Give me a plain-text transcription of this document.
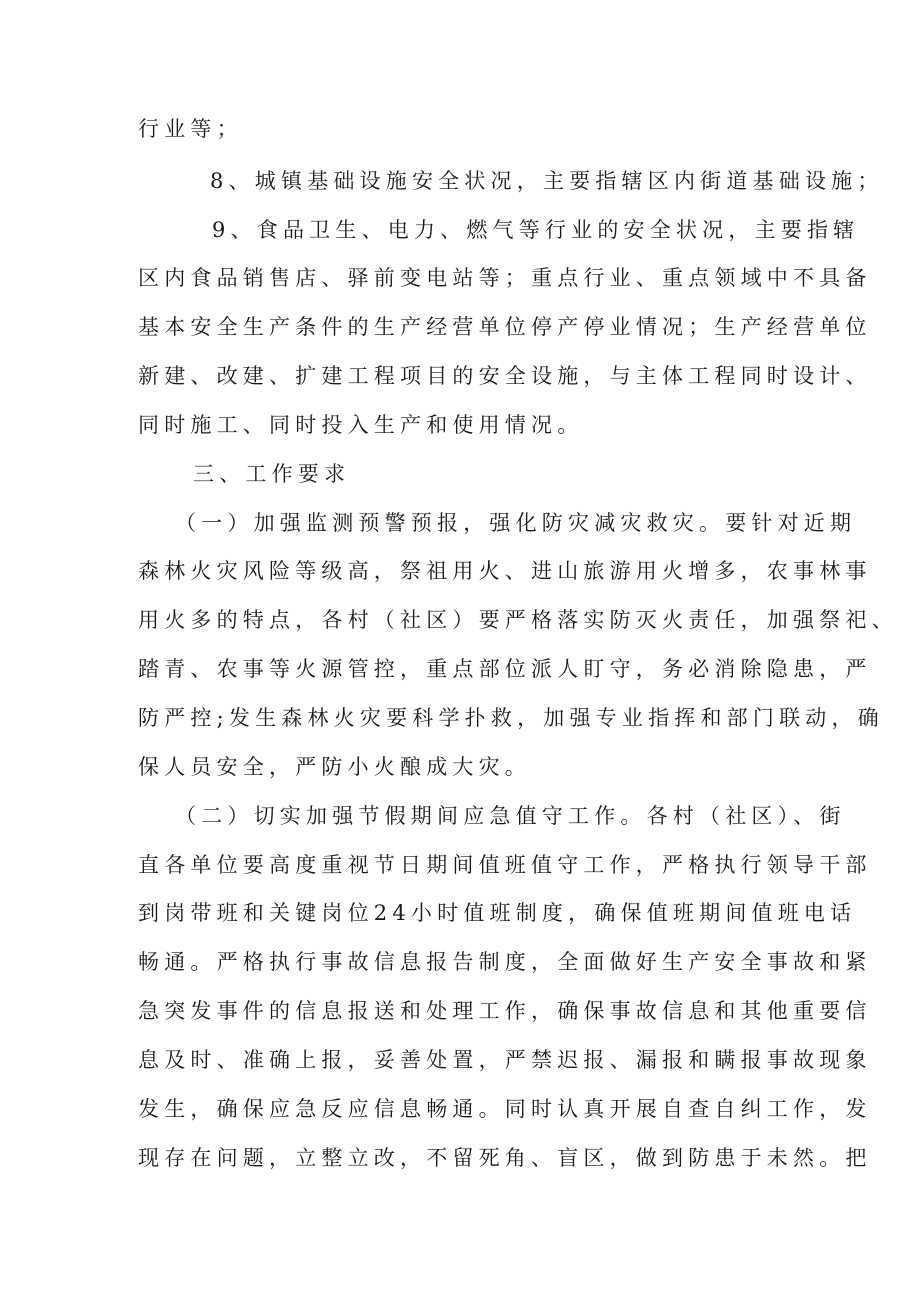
行业等；
8、城镇基础设施安全状况，主要指辖区内街道基础设施；
9、食品卫生、电力、燃气等行业的安全状况，主要指辖
区内食品销售店、驿前变电站等；重点行业、重点领域中不具备
基本安全生产条件的生产经营单位停产停业情况；生产经营单位
新建、改建、扩建工程项目的安全设施，与主体工程同时设计、
同时施工、同时投入生产和使用情况。
三、工作要求
（一）加强监测预警预报，强化防灾减灾救灾。要针对近期
森林火灾风险等级高，祭祖用火、进山旅游用火增多，农事林事
用火多的特点，各村（社区）要严格落实防灭火责任，加强祭祀、
踏青、农事等火源管控，重点部位派人盯守，务必消除隐患，严
防严控;发生森林火灾要科学扑救，加强专业指挥和部门联动，确
保人员安全，严防小火酿成大灾。
（二）切实加强节假期间应急值守工作。各村（社区）、街
直各单位要高度重视节日期间值班值守工作，严格执行领导干部
到岗带班和关键岗位24小时值班制度，确保值班期间值班电话
畅通。严格执行事故信息报告制度，全面做好生产安全事故和紧
急突发事件的信息报送和处理工作，确保事故信息和其他重要信
息及时、准确上报，妥善处置，严禁迟报、漏报和瞒报事故现象
发生，确保应急反应信息畅通。同时认真开展自查自纠工作，发
现存在问题，立整立改，不留死角、盲区，做到防患于未然。把
